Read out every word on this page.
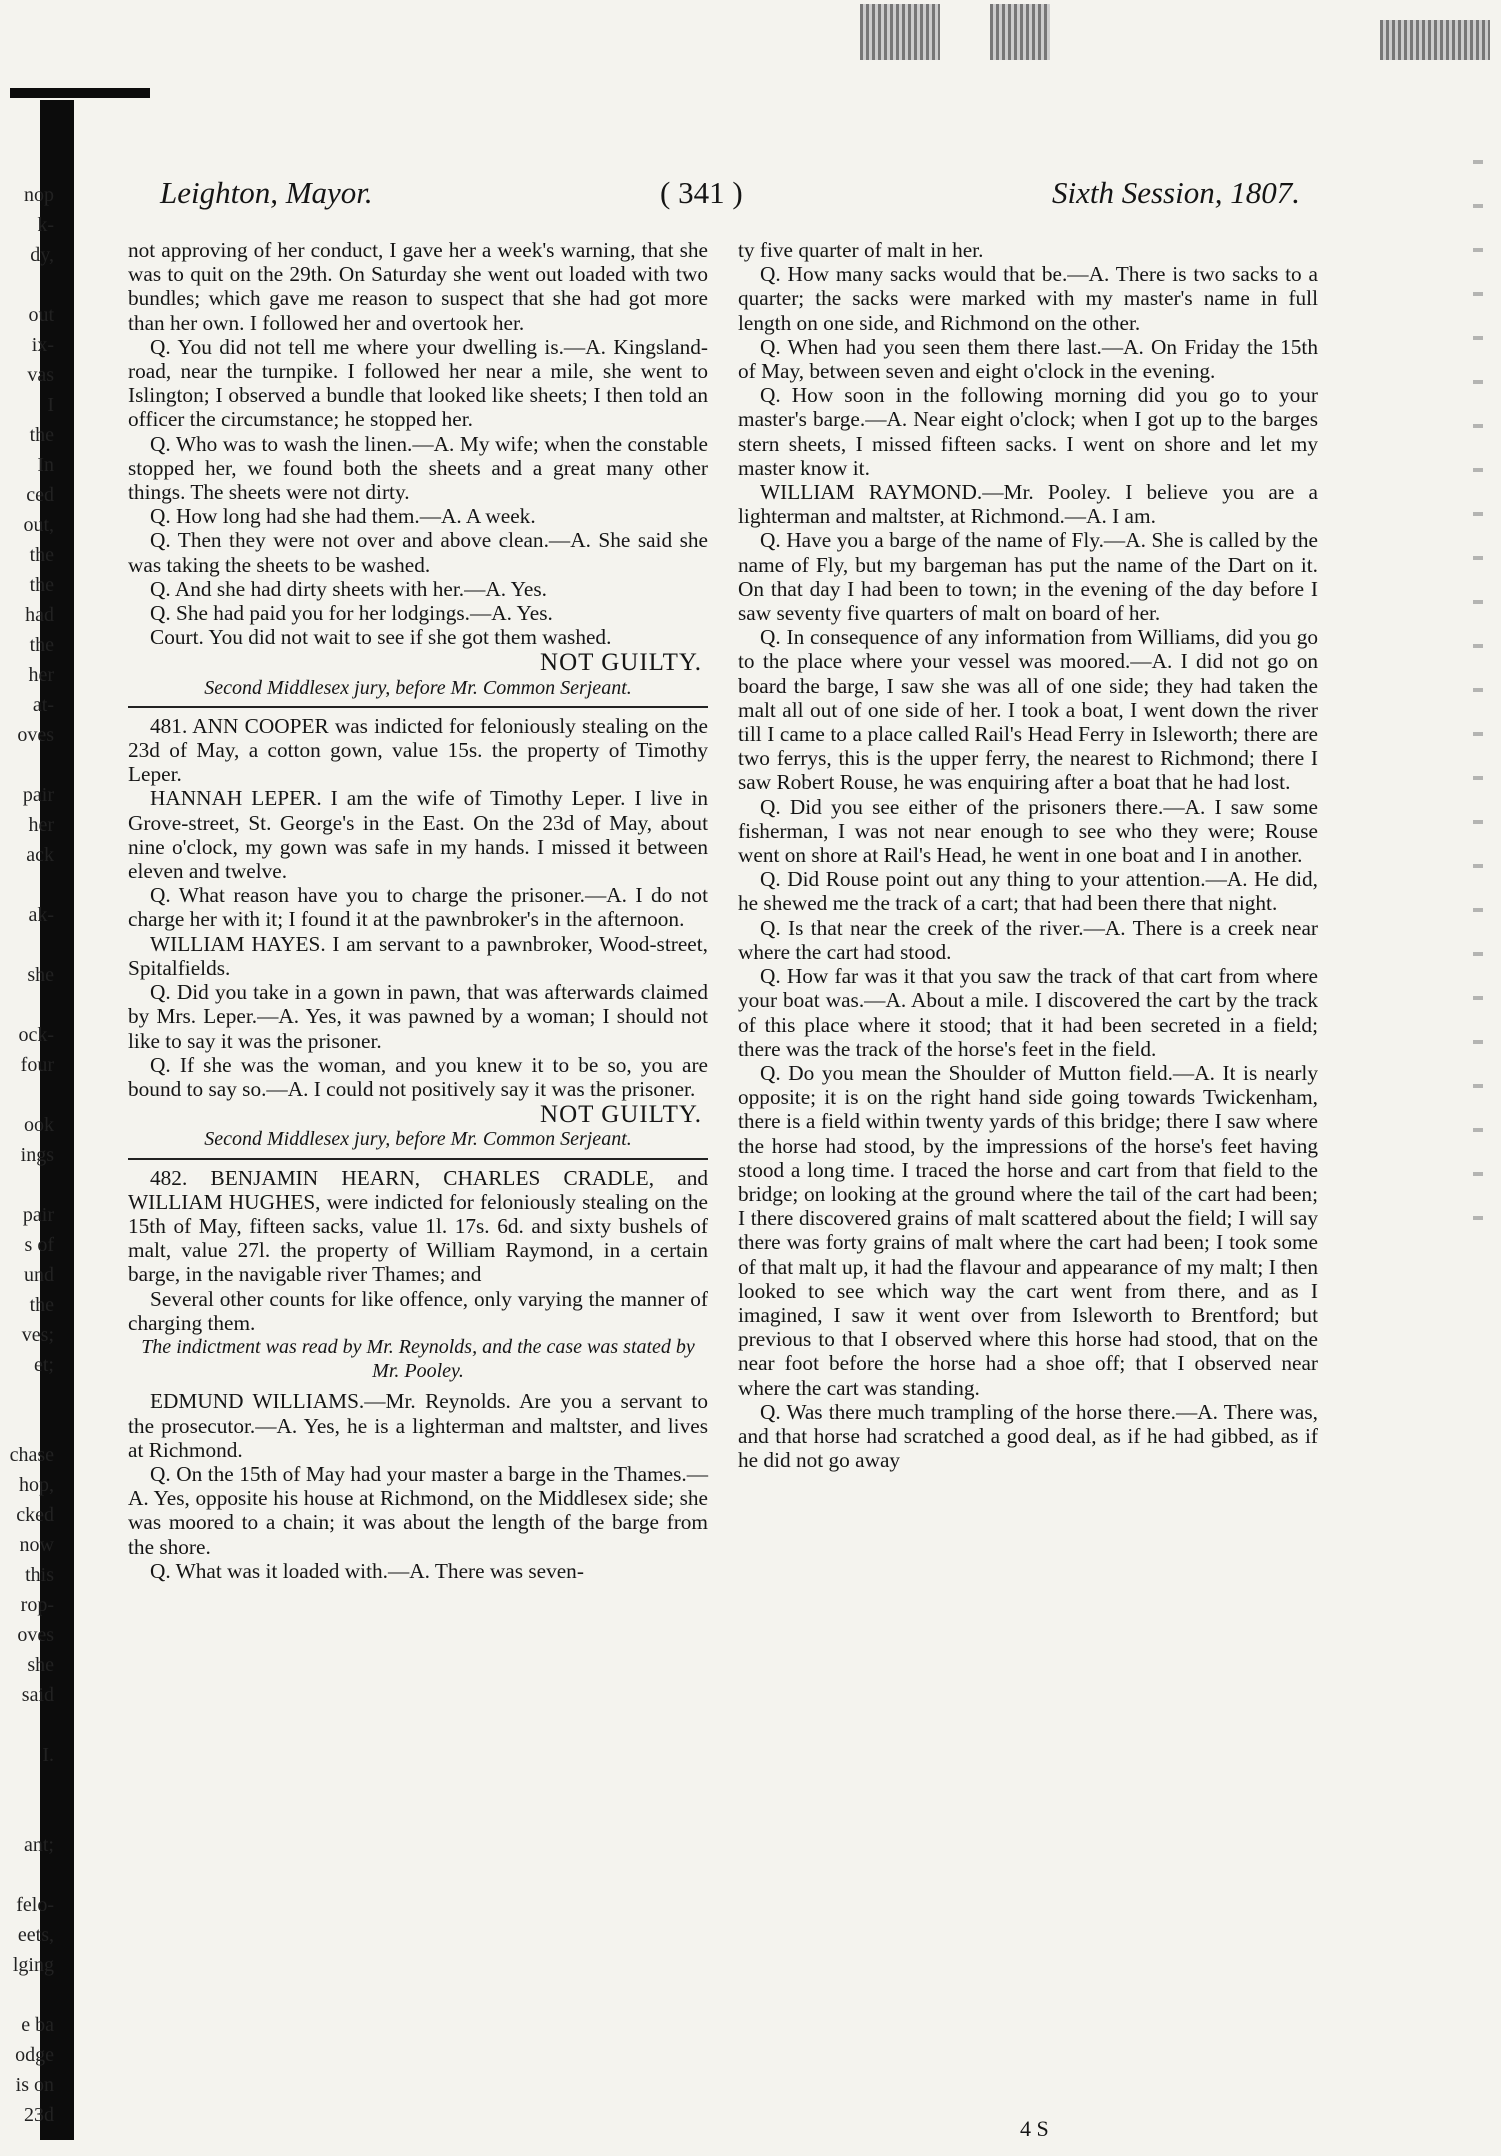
nop
k-
dy,

out
ix-
vas
I
the
In
ced
out,
the
the
had
the
her
at-
oves

pair
her
ack

ak-

she

ock-
four

ook
ings

pair
s of
und
the
ves;
et;

chase
hop,
cked
now
this
rop-
oves
she
said

I.

ant;

felo-
eets,
lging

e ba
odge
is on
23d
Leighton, Mayor.	( 341 )	Sixth Session, 1807.

not approving of her conduct, I gave her a week's warning, that she was to quit on the 29th. On Saturday she went out loaded with two bundles; which gave me reason to suspect that she had got more than her own. I followed her and overtook her.

Q. You did not tell me where your dwelling is.—A. Kingsland-road, near the turnpike. I followed her near a mile, she went to Islington; I observed a bundle that looked like sheets; I then told an officer the circumstance; he stopped her.

Q. Who was to wash the linen.—A. My wife; when the constable stopped her, we found both the sheets and a great many other things. The sheets were not dirty.

Q. How long had she had them.—A. A week.

Q. Then they were not over and above clean.—A. She said she was taking the sheets to be washed.

Q. And she had dirty sheets with her.—A. Yes.

Q. She had paid you for her lodgings.—A. Yes.

Court. You did not wait to see if she got them washed.

NOT GUILTY.
Second Middlesex jury, before Mr. Common Serjeant.

481. ANN COOPER was indicted for feloniously stealing on the 23d of May, a cotton gown, value 15s. the property of Timothy Leper.

HANNAH LEPER. I am the wife of Timothy Leper. I live in Grove-street, St. George's in the East. On the 23d of May, about nine o'clock, my gown was safe in my hands. I missed it between eleven and twelve.

Q. What reason have you to charge the prisoner.—A. I do not charge her with it; I found it at the pawnbroker's in the afternoon.

WILLIAM HAYES. I am servant to a pawnbroker, Wood-street, Spitalfields.

Q. Did you take in a gown in pawn, that was afterwards claimed by Mrs. Leper.—A. Yes, it was pawned by a woman; I should not like to say it was the prisoner.

Q. If she was the woman, and you knew it to be so, you are bound to say so.—A. I could not positively say it was the prisoner.

NOT GUILTY.
Second Middlesex jury, before Mr. Common Serjeant.

482. BENJAMIN HEARN, CHARLES CRADLE, and WILLIAM HUGHES, were indicted for feloniously stealing on the 15th of May, fifteen sacks, value 1l. 17s. 6d. and sixty bushels of malt, value 27l. the property of William Raymond, in a certain barge, in the navigable river Thames; and

Several other counts for like offence, only varying the manner of charging them.

The indictment was read by Mr. Reynolds, and the case was stated by Mr. Pooley.

EDMUND WILLIAMS.—Mr. Reynolds. Are you a servant to the prosecutor.—A. Yes, he is a lighterman and maltster, and lives at Richmond.

Q. On the 15th of May had your master a barge in the Thames.—A. Yes, opposite his house at Richmond, on the Middlesex side; she was moored to a chain; it was about the length of the barge from the shore.

Q. What was it loaded with.—A. There was seven-

ty five quarter of malt in her.

Q. How many sacks would that be.—A. There is two sacks to a quarter; the sacks were marked with my master's name in full length on one side, and Richmond on the other.

Q. When had you seen them there last.—A. On Friday the 15th of May, between seven and eight o'clock in the evening.

Q. How soon in the following morning did you go to your master's barge.—A. Near eight o'clock; when I got up to the barges stern sheets, I missed fifteen sacks. I went on shore and let my master know it.

WILLIAM RAYMOND.—Mr. Pooley. I believe you are a lighterman and maltster, at Richmond.—A. I am.

Q. Have you a barge of the name of Fly.—A. She is called by the name of Fly, but my bargeman has put the name of the Dart on it. On that day I had been to town; in the evening of the day before I saw seventy five quarters of malt on board of her.

Q. In consequence of any information from Williams, did you go to the place where your vessel was moored.—A. I did not go on board the barge, I saw she was all of one side; they had taken the malt all out of one side of her. I took a boat, I went down the river till I came to a place called Rail's Head Ferry in Isleworth; there are two ferrys, this is the upper ferry, the nearest to Richmond; there I saw Robert Rouse, he was enquiring after a boat that he had lost.

Q. Did you see either of the prisoners there.—A. I saw some fisherman, I was not near enough to see who they were; Rouse went on shore at Rail's Head, he went in one boat and I in another.

Q. Did Rouse point out any thing to your attention.—A. He did, he shewed me the track of a cart; that had been there that night.

Q. Is that near the creek of the river.—A. There is a creek near where the cart had stood.

Q. How far was it that you saw the track of that cart from where your boat was.—A. About a mile. I discovered the cart by the track of this place where it stood; that it had been secreted in a field; there was the track of the horse's feet in the field.

Q. Do you mean the Shoulder of Mutton field.—A. It is nearly opposite; it is on the right hand side going towards Twickenham, there is a field within twenty yards of this bridge; there I saw where the horse had stood, by the impressions of the horse's feet having stood a long time. I traced the horse and cart from that field to the bridge; on looking at the ground where the tail of the cart had been; I there discovered grains of malt scattered about the field; I will say there was forty grains of malt where the cart had been; I took some of that malt up, it had the flavour and appearance of my malt; I then looked to see which way the cart went from there, and as I imagined, I saw it went over from Isleworth to Brentford; but previous to that I observed where this horse had stood, that on the near foot before the horse had a shoe off; that I observed near where the cart was standing.

Q. Was there much trampling of the horse there.—A. There was, and that horse had scratched a good deal, as if he had gibbed, as if he did not go away

4 S
